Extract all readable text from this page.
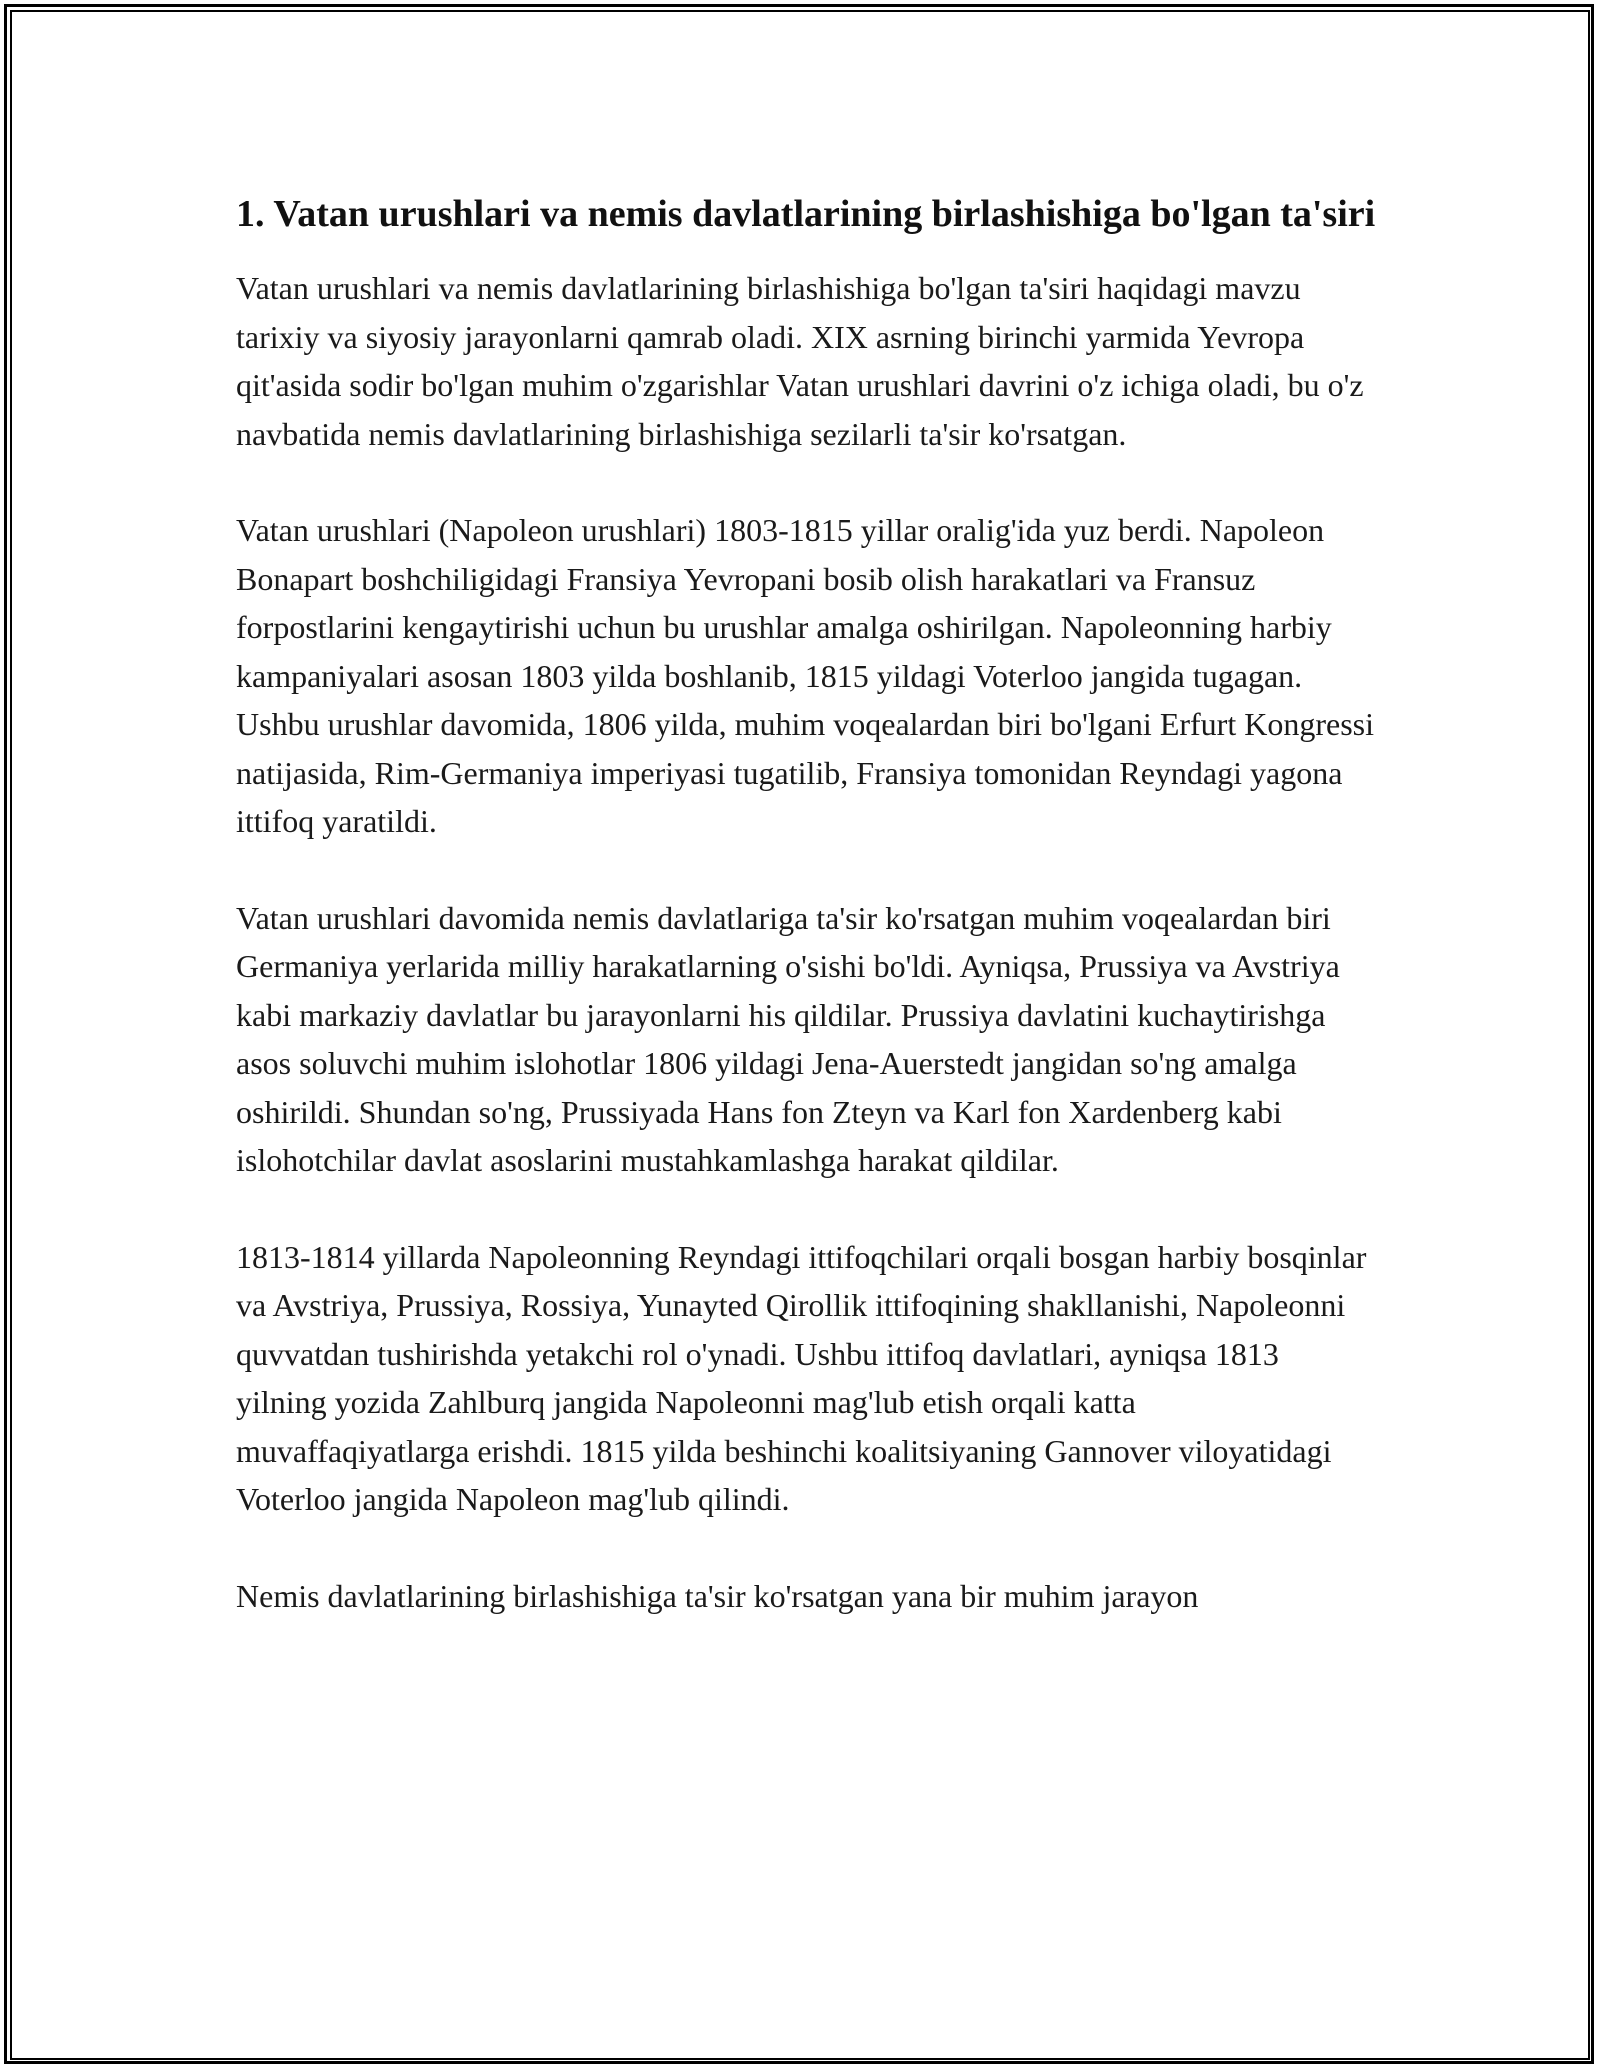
1. Vatan urushlari va nemis davlatlarining birlashishiga bo'lgan ta'siri

Vatan urushlari va nemis davlatlarining birlashishiga bo'lgan ta'siri haqidagi mavzu tarixiy va siyosiy jarayonlarni qamrab oladi. XIX asrning birinchi yarmida Yevropa qit'asida sodir bo'lgan muhim o'zgarishlar Vatan urushlari davrini o'z ichiga oladi, bu o'z navbatida nemis davlatlarining birlashishiga sezilarli ta'sir ko'rsatgan.

Vatan urushlari (Napoleon urushlari) 1803-1815 yillar oralig'ida yuz berdi. Napoleon Bonapart boshchiligidagi Fransiya Yevropani bosib olish harakatlari va Fransuz forpostlarini kengaytirishi uchun bu urushlar amalga oshirilgan. Napoleonning harbiy kampaniyalari asosan 1803 yilda boshlanib, 1815 yildagi Voterloo jangida tugagan. Ushbu urushlar davomida, 1806 yilda, muhim voqealardan biri bo'lgani Erfurt Kongressi natijasida, Rim-Germaniya imperiyasi tugatilib, Fransiya tomonidan Reyndagi yagona ittifoq yaratildi.

Vatan urushlari davomida nemis davlatlariga ta'sir ko'rsatgan muhim voqealardan biri Germaniya yerlarida milliy harakatlarning o'sishi bo'ldi. Ayniqsa, Prussiya va Avstriya kabi markaziy davlatlar bu jarayonlarni his qildilar. Prussiya davlatini kuchaytirishga asos soluvchi muhim islohotlar 1806 yildagi Jena-Auerstedt jangidan so'ng amalga oshirildi. Shundan so'ng, Prussiyada Hans fon Zteyn va Karl fon Xardenberg kabi islohotchilar davlat asoslarini mustahkamlashga harakat qildilar.

1813-1814 yillarda Napoleonning Reyndagi ittifoqchilari orqali bosgan harbiy bosqinlar va Avstriya, Prussiya, Rossiya, Yunayted Qirollik ittifoqining shakllanishi, Napoleonni quvvatdan tushirishda yetakchi rol o'ynadi. Ushbu ittifoq davlatlari, ayniqsa 1813 yilning yozida Zahlburq jangida Napoleonni mag'lub etish orqali katta muvaffaqiyatlarga erishdi. 1815 yilda beshinchi koalitsiyaning Gannover viloyatidagi Voterloo jangida Napoleon mag'lub qilindi.

Nemis davlatlarining birlashishiga ta'sir ko'rsatgan yana bir muhim jarayon
